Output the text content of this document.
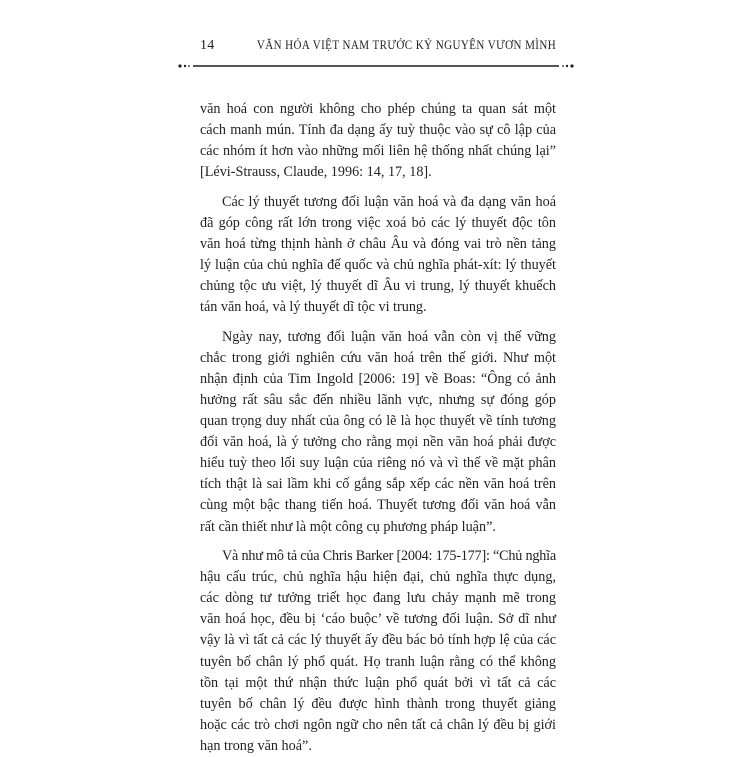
14	VĂN HÓA VIỆT NAM TRƯỚC KỶ NGUYÊN VƯƠN MÌNH
văn hoá con người không cho phép chúng ta quan sát một
cách manh mún. Tính đa dạng ấy tuỳ thuộc vào sự cô lập của
các nhóm ít hơn vào những mối liên hệ thống nhất chúng lại”
[Lévi-Strauss, Claude, 1996: 14, 17, 18].
Các lý thuyết tương đối luận văn hoá và đa dạng văn hoá
đã góp công rất lớn trong việc xoá bỏ các lý thuyết độc tôn
văn hoá từng thịnh hành ở châu Âu và đóng vai trò nền tảng
lý luận của chủ nghĩa đế quốc và chủ nghĩa phát-xít: lý thuyết
chủng tộc ưu việt, lý thuyết dĩ Âu vi trung, lý thuyết khuếch
tán văn hoá, và lý thuyết dĩ tộc vi trung.
Ngày nay, tương đối luận văn hoá vẫn còn vị thế vững
chắc trong giới nghiên cứu văn hoá trên thế giới. Như một
nhận định của Tim Ingold [2006: 19] về Boas: “Ông có ảnh
hưởng rất sâu sắc đến nhiều lãnh vực, nhưng sự đóng góp
quan trọng duy nhất của ông có lẽ là học thuyết về tính tương
đối văn hoá, là ý tưởng cho rằng mọi nền văn hoá phải được
hiểu tuỳ theo lối suy luận của riêng nó và vì thế về mặt phân
tích thật là sai lầm khi cố gắng sắp xếp các nền văn hoá trên
cùng một bậc thang tiến hoá. Thuyết tương đối văn hoá vẫn
rất cần thiết như là một công cụ phương pháp luận”.
Và như mô tả của Chris Barker [2004: 175-177]: “Chủ nghĩa
hậu cấu trúc, chủ nghĩa hậu hiện đại, chủ nghĩa thực dụng,
các dòng tư tưởng triết học đang lưu chảy mạnh mẽ trong
văn hoá học, đều bị ‘cáo buộc’ về tương đối luận. Sở dĩ như
vậy là vì tất cả các lý thuyết ấy đều bác bỏ tính hợp lệ của các
tuyên bố chân lý phổ quát. Họ tranh luận rằng có thể không
tồn tại một thứ nhận thức luận phổ quát bởi vì tất cả các
tuyên bố chân lý đều được hình thành trong thuyết giảng
hoặc các trò chơi ngôn ngữ cho nên tất cả chân lý đều bị giới
hạn trong văn hoá”.
